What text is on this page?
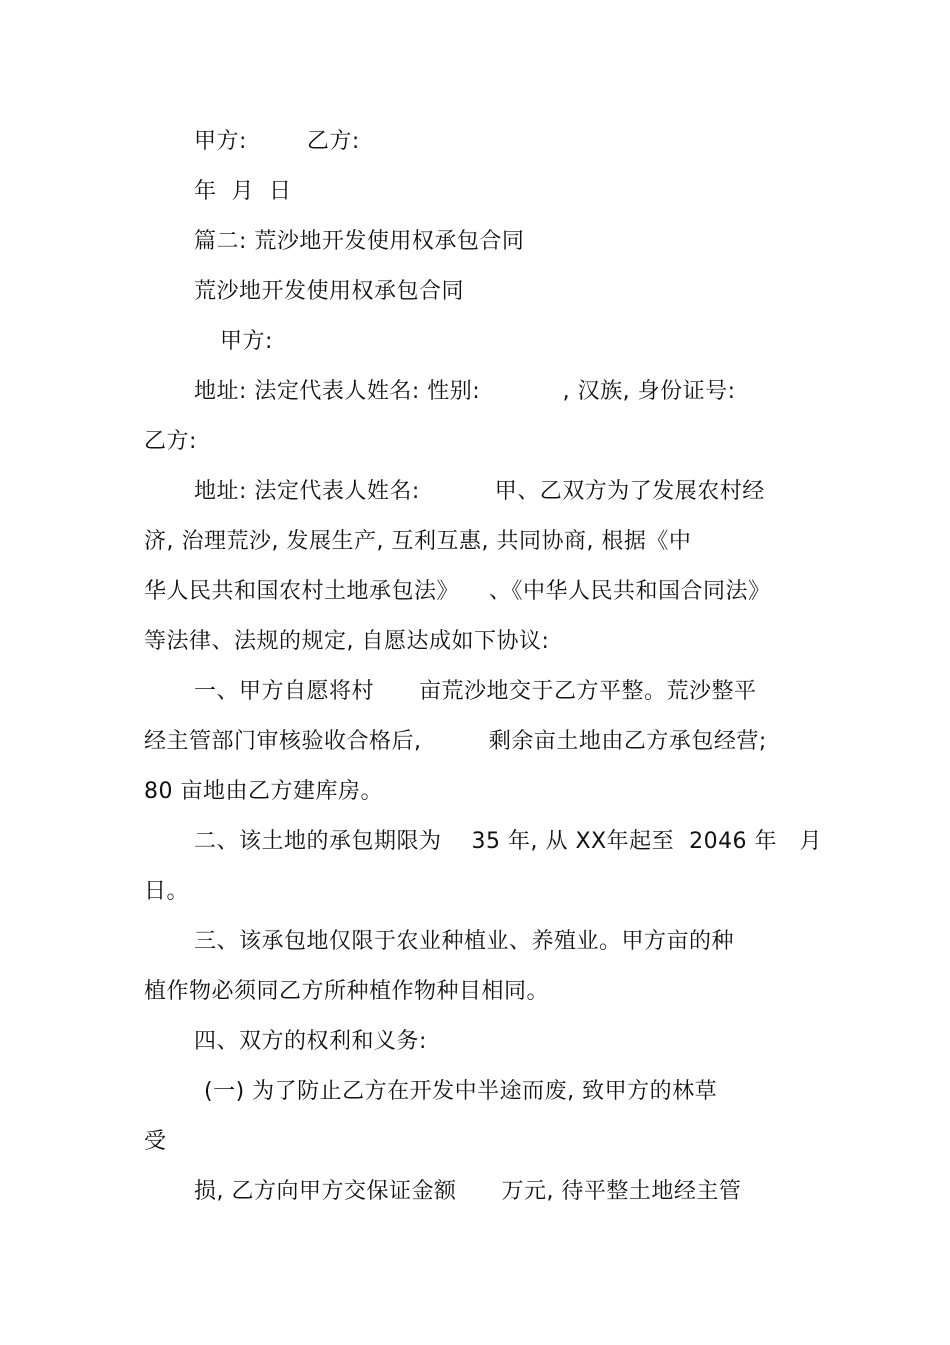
甲方:        乙方:
年  月  日
篇二: 荒沙地开发使用权承包合同
荒沙地开发使用权承包合同
甲方:
地址: 法定代表人姓名: 性别:           , 汉族, 身份证号:
乙方:
地址: 法定代表人姓名:          甲、乙双方为了发展农村经
济, 治理荒沙, 发展生产, 互利互惠, 共同协商, 根据《中
华人民共和国农村土地承包法》    、《中华人民共和国合同法》
等法律、法规的规定, 自愿达成如下协议:
一、甲方自愿将村      亩荒沙地交于乙方平整。荒沙整平
经主管部门审核验收合格后,         剩余亩土地由乙方承包经营;
80 亩地由乙方建库房。
二、该土地的承包期限为    35 年, 从 XX年起至  2046 年   月
日。
三、该承包地仅限于农业种植业、养殖业。甲方亩的种
植作物必须同乙方所种植作物种目相同。
四、双方的权利和义务:
(一) 为了防止乙方在开发中半途而废, 致甲方的林草
受
损, 乙方向甲方交保证金额      万元, 待平整土地经主管
